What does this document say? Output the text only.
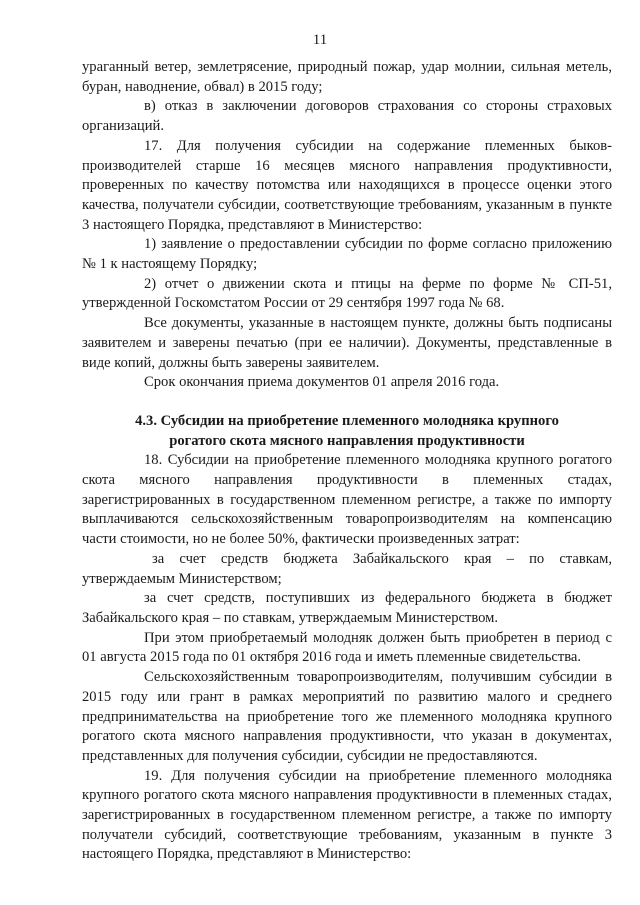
11

ураганный ветер, землетрясение, природный пожар, удар молнии, сильная метель, буран, наводнение, обвал) в 2015 году;

в) отказ в заключении договоров страхования со стороны страховых организаций.

17. Для получения субсидии на содержание племенных быков-производителей старше 16 месяцев мясного направления продуктивности, проверенных по качеству потомства или находящихся в процессе оценки этого качества, получатели субсидии, соответствующие требованиям, указанным в пункте 3 настоящего Порядка, представляют в Министерство:

1) заявление о предоставлении субсидии по форме согласно приложению № 1 к настоящему Порядку;

2) отчет о движении скота и птицы на ферме по форме № СП-51, утвержденной Госкомстатом России от 29 сентября 1997 года № 68.

Все документы, указанные в настоящем пункте, должны быть подписаны заявителем и заверены печатью (при ее наличии). Документы, представленные в виде копий, должны быть заверены заявителем.

Срок окончания приема документов 01 апреля 2016 года.

4.3. Субсидии на приобретение племенного молодняка крупного рогатого скота мясного направления продуктивности

18. Субсидии на приобретение племенного молодняка крупного рогатого скота мясного направления продуктивности в племенных стадах, зарегистрированных в государственном племенном регистре, а также по импорту выплачиваются сельскохозяйственным товаропроизводителям на компенсацию части стоимости, но не более 50%, фактически произведенных затрат:

за счет средств бюджета Забайкальского края – по ставкам, утверждаемым Министерством;

за счет средств, поступивших из федерального бюджета в бюджет Забайкальского края – по ставкам, утверждаемым Министерством.

При этом приобретаемый молодняк должен быть приобретен в период с 01 августа 2015 года по 01 октября 2016 года и иметь племенные свидетельства.

Сельскохозяйственным товаропроизводителям, получившим субсидии в 2015 году или грант в рамках мероприятий по развитию малого и среднего предпринимательства на приобретение того же племенного молодняка крупного рогатого скота мясного направления продуктивности, что указан в документах, представленных для получения субсидии, субсидии не предоставляются.

19. Для получения субсидии на приобретение племенного молодняка крупного рогатого скота мясного направления продуктивности в племенных стадах, зарегистрированных в государственном племенном регистре, а также по импорту получатели субсидий, соответствующие требованиям, указанным в пункте 3 настоящего Порядка, представляют в Министерство:
